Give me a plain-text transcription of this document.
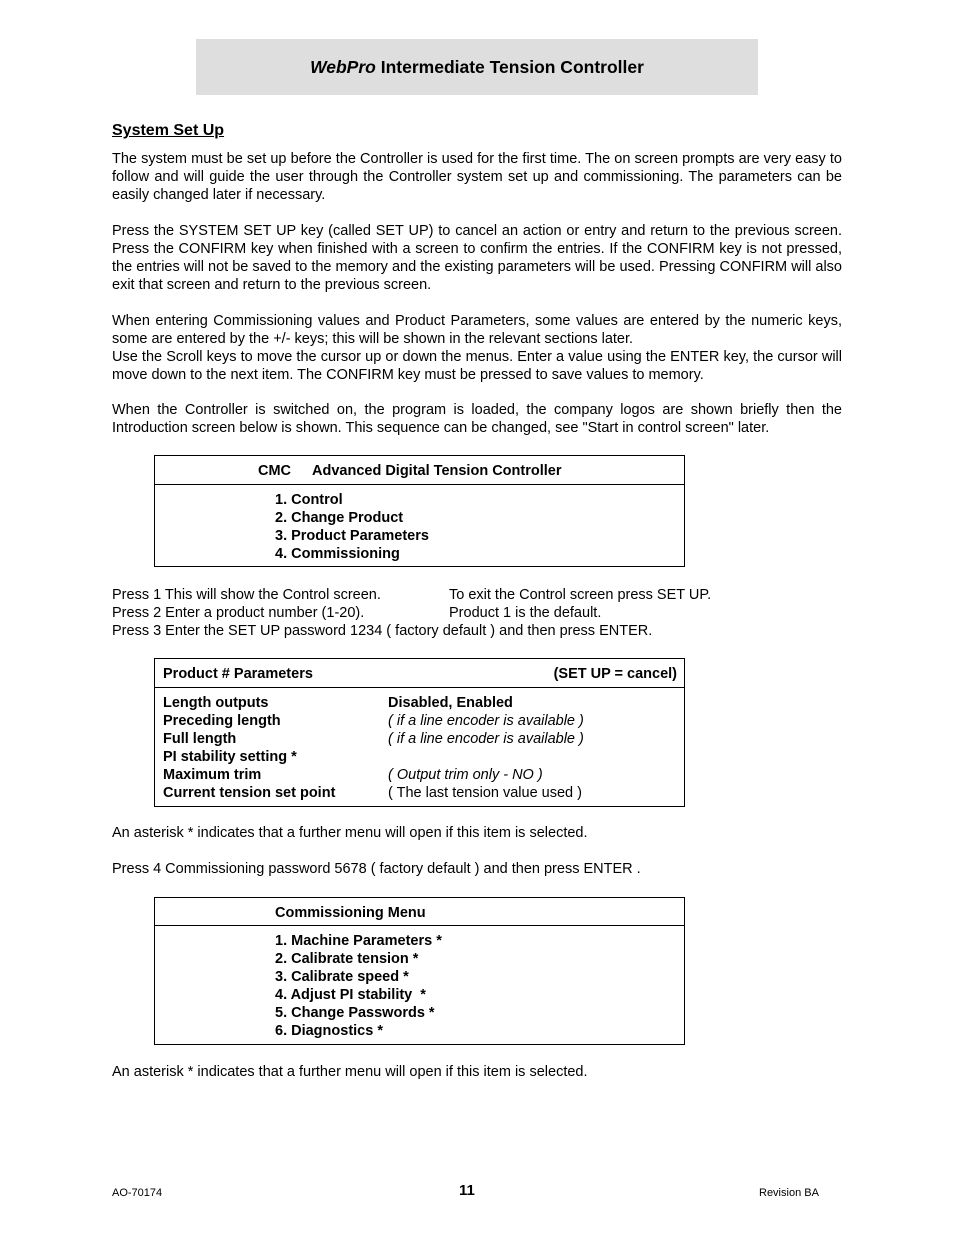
WebPro
Intermediate Tension Controller
System Set Up

The system must be set up before the Controller is used for the first time. The on screen prompts are very easy to follow and will guide the user through the Controller system set up and commissioning. The parameters can be easily changed later if necessary.

Press the SYSTEM SET UP key (called SET UP) to cancel an action or entry and return to the previous screen. Press the CONFIRM key when finished with a screen to confirm the entries. If the CONFIRM key is not pressed, the entries will not be saved to the memory and the existing parameters will be used. Pressing CONFIRM will also exit that screen and return to the previous screen.

When entering Commissioning values and Product Parameters, some values are entered by the numeric keys, some are entered by the +/- keys; this will be shown in the relevant sections later.

Use the Scroll keys to move the cursor up or down the menus. Enter a value using the ENTER key, the cursor will move down to the next item. The CONFIRM key must be pressed to save values to memory.

When the Controller is switched on, the program is loaded, the company logos are shown briefly then the Introduction screen below is shown. This sequence can be changed, see "Start in control screen" later.

CMC Advanced Digital Tension Controller
1. Control
2. Change Product
3. Product Parameters
4. Commissioning
Press 1 This will show the Control screen.	To exit the Control screen press SET UP.
Press 2 Enter a product number (1-20).	Product 1 is the default.
Press 3 Enter the SET UP password 1234 ( factory default ) and then press ENTER.
Product # Parameters	(SET UP = cancel)
Length outputs	Disabled, Enabled
Preceding length	( if a line encoder is available )
Full length	( if a line encoder is available )
PI stability setting *
Maximum trim	( Output trim only - NO )
Current tension set point	( The last tension value used )

An asterisk * indicates that a further menu will open if this item is selected.

Press 4 Commissioning password 5678 ( factory default ) and then press ENTER .

Commissioning Menu
1. Machine Parameters *
2. Calibrate tension *
3. Calibrate speed *
4. Adjust PI stability  *
5. Change Passwords *
6. Diagnostics *

An asterisk * indicates that a further menu will open if this item is selected.

AO-70174	11	Revision BA
